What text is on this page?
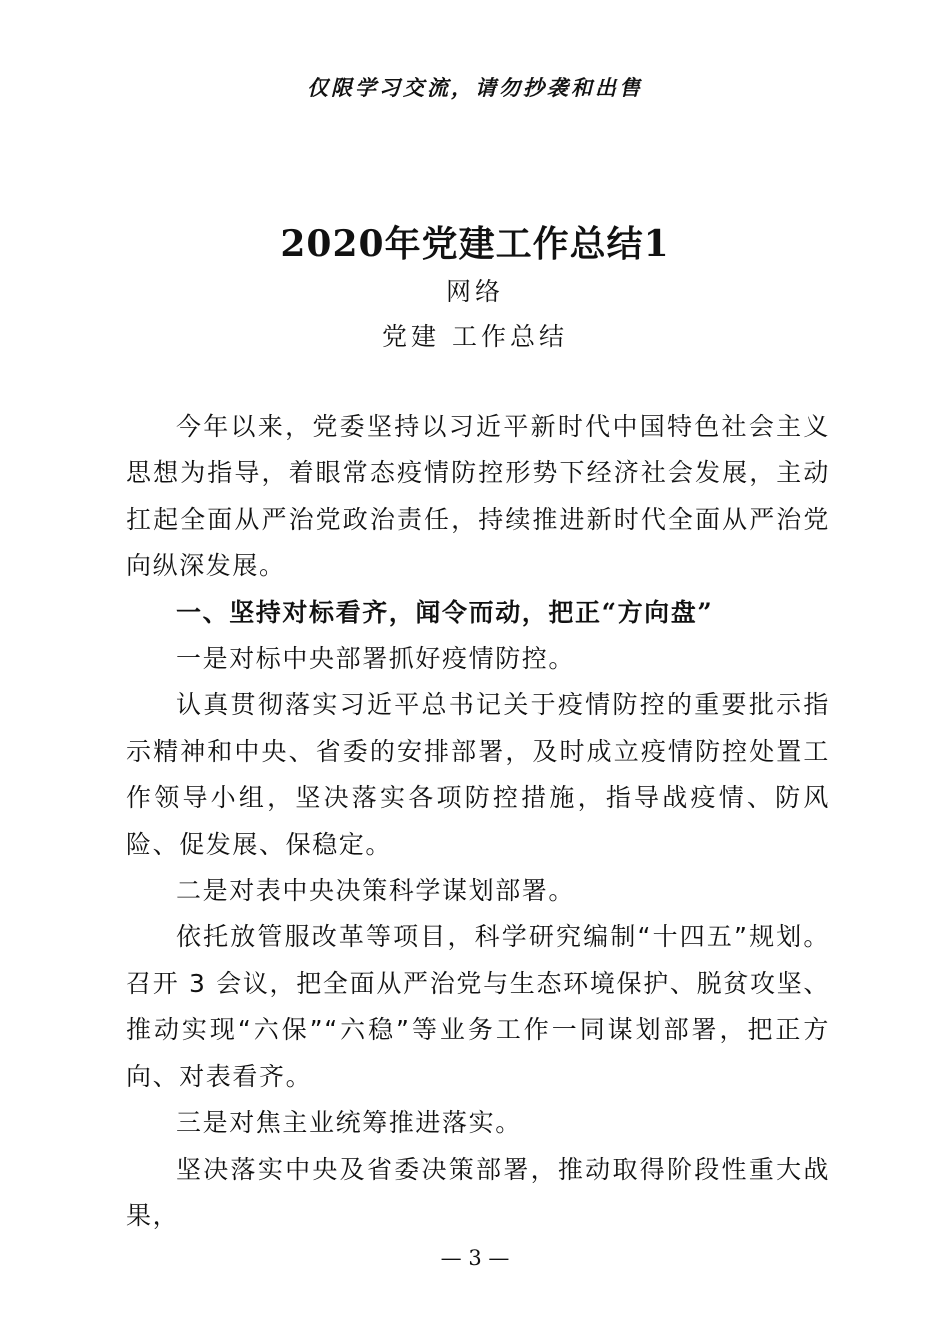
仅限学习交流，请勿抄袭和出售
2020年党建工作总结1
网络
党建 工作总结

今年以来，党委坚持以习近平新时代中国特色社会主义思想为指导，着眼常态疫情防控形势下经济社会发展，主动扛起全面从严治党政治责任，持续推进新时代全面从严治党向纵深发展。

一、坚持对标看齐，闻令而动，把正“方向盘”

一是对标中央部署抓好疫情防控。

认真贯彻落实习近平总书记关于疫情防控的重要批示指示精神和中央、省委的安排部署，及时成立疫情防控处置工作领导小组，坚决落实各项防控措施，指导战疫情、防风险、促发展、保稳定。

二是对表中央决策科学谋划部署。

依托放管服改革等项目，科学研究编制“十四五”规划。召开 3 会议，把全面从严治党与生态环境保护、脱贫攻坚、推动实现“六保”“六稳”等业务工作一同谋划部署，把正方向、对表看齐。

三是对焦主业统筹推进落实。

坚决落实中央及省委决策部署，推动取得阶段性重大战果，

— 3 —
